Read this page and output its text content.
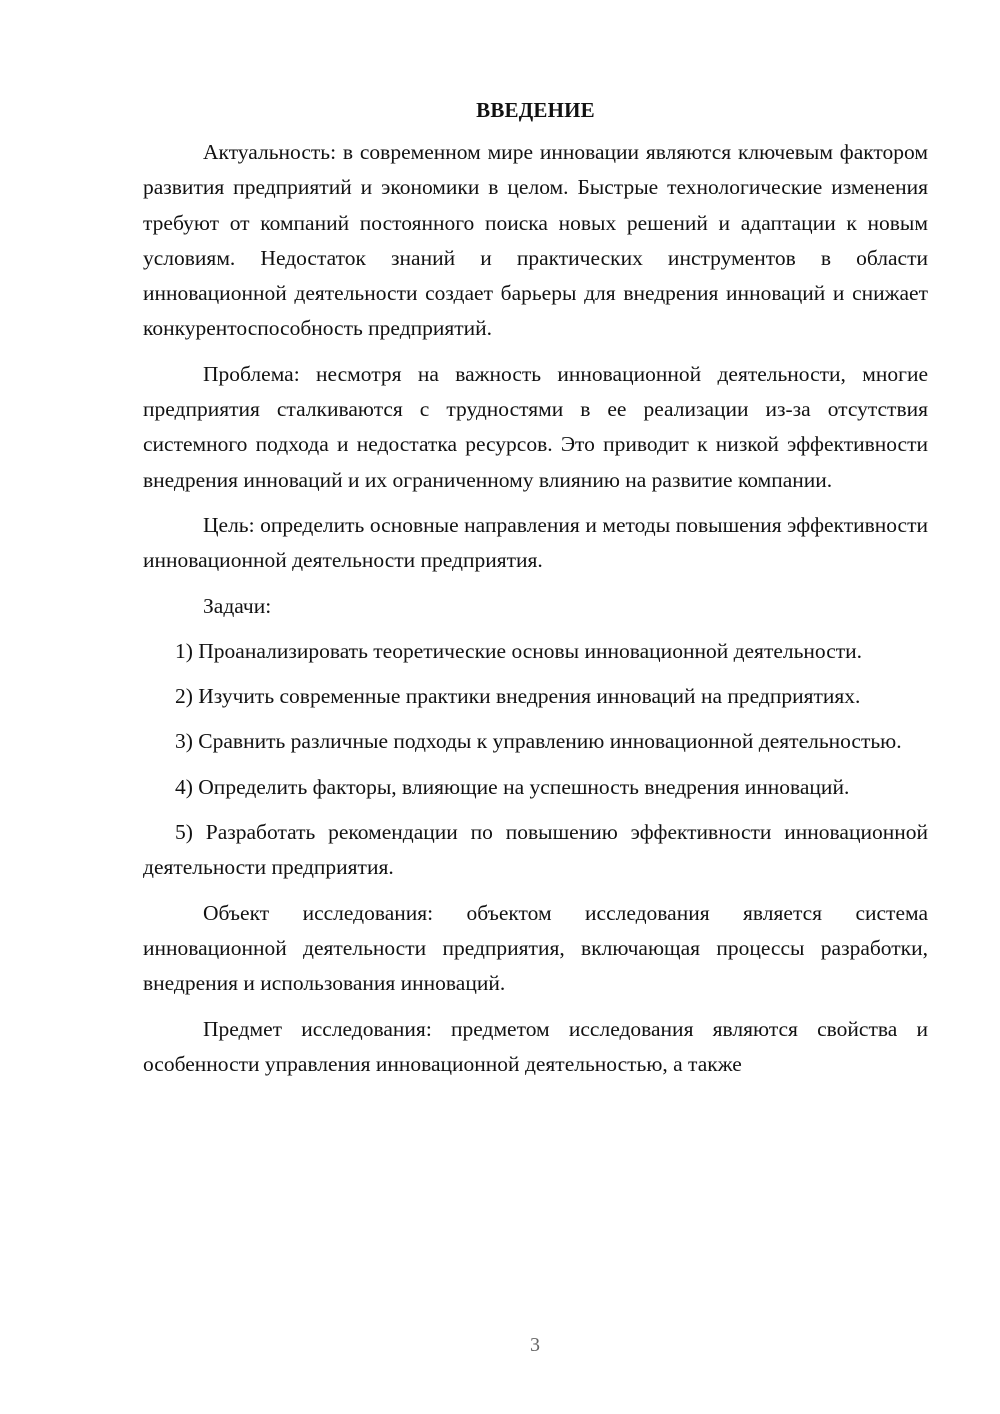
ВВЕДЕНИЕ

Актуальность: в современном мире инновации являются ключевым фактором развития предприятий и экономики в целом. Быстрые технологические изменения требуют от компаний постоянного поиска новых решений и адаптации к новым условиям. Недостаток знаний и практических инструментов в области инновационной деятельности создает барьеры для внедрения инноваций и снижает конкурентоспособность предприятий.

Проблема: несмотря на важность инновационной деятельности, многие предприятия сталкиваются с трудностями в ее реализации из-за отсутствия системного подхода и недостатка ресурсов. Это приводит к низкой эффективности внедрения инноваций и их ограниченному влиянию на развитие компании.

Цель: определить основные направления и методы повышения эффективности инновационной деятельности предприятия.

Задачи:

1) Проанализировать теоретические основы инновационной деятельности.

2) Изучить современные практики внедрения инноваций на предприятиях.

3) Сравнить различные подходы к управлению инновационной деятельностью.

4) Определить факторы, влияющие на успешность внедрения инноваций.

5) Разработать рекомендации по повышению эффективности инновационной деятельности предприятия.

Объект исследования: объектом исследования является система инновационной деятельности предприятия, включающая процессы разработки, внедрения и использования инноваций.

Предмет исследования: предметом исследования являются свойства и особенности управления инновационной деятельностью, а также

3
